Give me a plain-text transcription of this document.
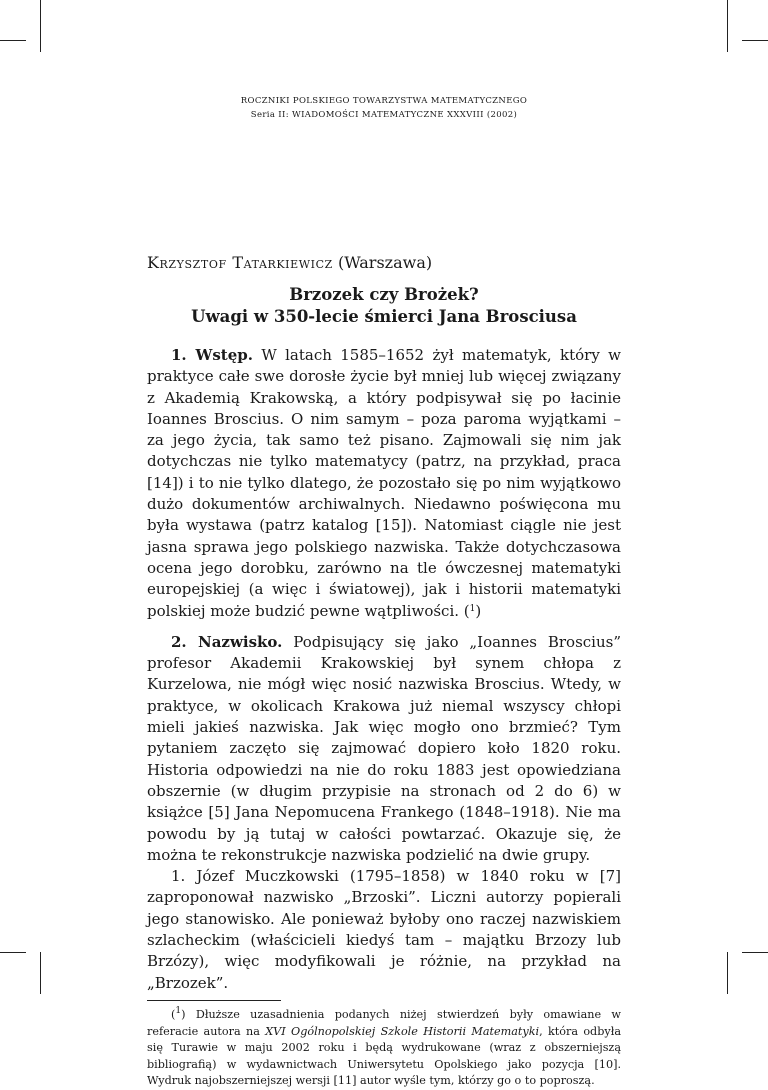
ROCZNIKI POLSKIEGO TOWARZYSTWA MATEMATYCZNEGO
Seria II: WIADOMOŚCI MATEMATYCZNE XXXVIII (2002)
Krzysztof Tatarkiewicz (Warszawa)
Brzozek czy Brożek?
Uwagi w 350-lecie śmierci Jana Brosciusa

1. Wstęp. W latach 1585–1652 żył matematyk, który w praktyce całe swe dorosłe życie był mniej lub więcej związany z Akademią Krakowską, a który podpisywał się po łacinie Ioannes Broscius. O nim samym – poza paroma wyjątkami – za jego życia, tak samo też pisano. Zajmowali się nim jak dotychczas nie tylko matematycy (patrz, na przykład, praca [14]) i to nie tylko dlatego, że pozostało się po nim wyjątkowo dużo dokumentów archiwalnych. Niedawno poświęcona mu była wystawa (patrz katalog [15]). Natomiast ciągle nie jest jasna sprawa jego polskiego nazwiska. Także dotychczasowa ocena jego dorobku, zarówno na tle ówczesnej matematyki europejskiej (a więc i światowej), jak i historii matematyki polskiej może budzić pewne wątpliwości. ($^1$)

2. Nazwisko. Podpisujący się jako „Ioannes Broscius” profesor Akademii Krakowskiej był synem chłopa z Kurzelowa, nie mógł więc nosić nazwiska Broscius. Wtedy, w praktyce, w okolicach Krakowa już niemal wszyscy chłopi mieli jakieś nazwiska. Jak więc mogło ono brzmieć? Tym pytaniem zaczęto się zajmować dopiero koło 1820 roku. Historia odpowiedzi na nie do roku 1883 jest opowiedziana obszernie (w długim przypisie na stronach od 2 do 6) w książce [5] Jana Nepomucena Frankego (1848–1918). Nie ma powodu by ją tutaj w całości powtarzać. Okazuje się, że można te rekonstrukcje nazwiska podzielić na dwie grupy.

1. Józef Muczkowski (1795–1858) w 1840 roku w [7] zaproponował nazwisko „Brzoski”. Liczni autorzy popierali jego stanowisko. Ale ponieważ byłoby ono raczej nazwiskiem szlacheckim (właścicieli kiedyś tam – majątku Brzozy lub Brzózy), więc modyfikowali je różnie, na przykład na „Brzozek”.

($^1$) Dłuższe uzasadnienia podanych niżej stwierdzeń były omawiane w referacie autora na XVI Ogólnopolskiej Szkole Historii Matematyki, która odbyła się Turawie w maju 2002 roku i będą wydrukowane (wraz z obszerniejszą bibliografią) w wydawnictwach Uniwersytetu Opolskiego jako pozycja [10]. Wydruk najobszerniejszej wersji [11] autor wyśle tym, którzy go o to poproszą.
